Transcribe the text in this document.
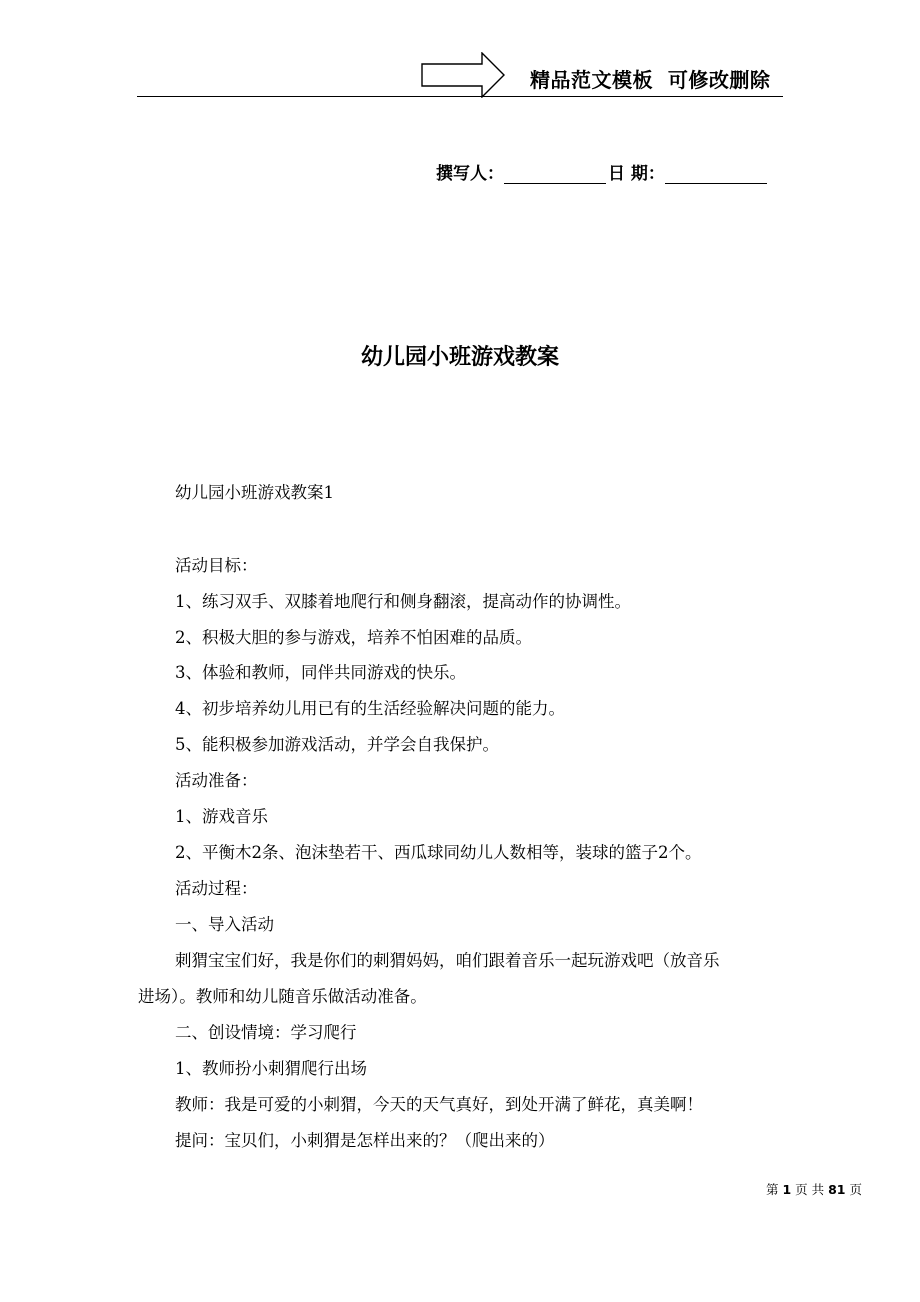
精品范文模板  可修改删除
撰写人：	日 期：
幼儿园小班游戏教案
幼儿园小班游戏教案1
活动目标：
1、练习双手、双膝着地爬行和侧身翻滚，提高动作的协调性。
2、积极大胆的参与游戏，培养不怕困难的品质。
3、体验和教师，同伴共同游戏的快乐。
4、初步培养幼儿用已有的生活经验解决问题的能力。
5、能积极参加游戏活动，并学会自我保护。
活动准备：
1、游戏音乐
2、平衡木2条、泡沫垫若干、西瓜球同幼儿人数相等，装球的篮子2个。
活动过程：
一、导入活动
刺猬宝宝们好，我是你们的刺猬妈妈，咱们跟着音乐一起玩游戏吧（放音乐
进场）。教师和幼儿随音乐做活动准备。
二、创设情境：学习爬行
1、教师扮小刺猬爬行出场
教师：我是可爱的小刺猬，今天的天气真好，到处开满了鲜花，真美啊！
提问：宝贝们，小刺猬是怎样出来的？（爬出来的）
第 1 页 共 81 页
